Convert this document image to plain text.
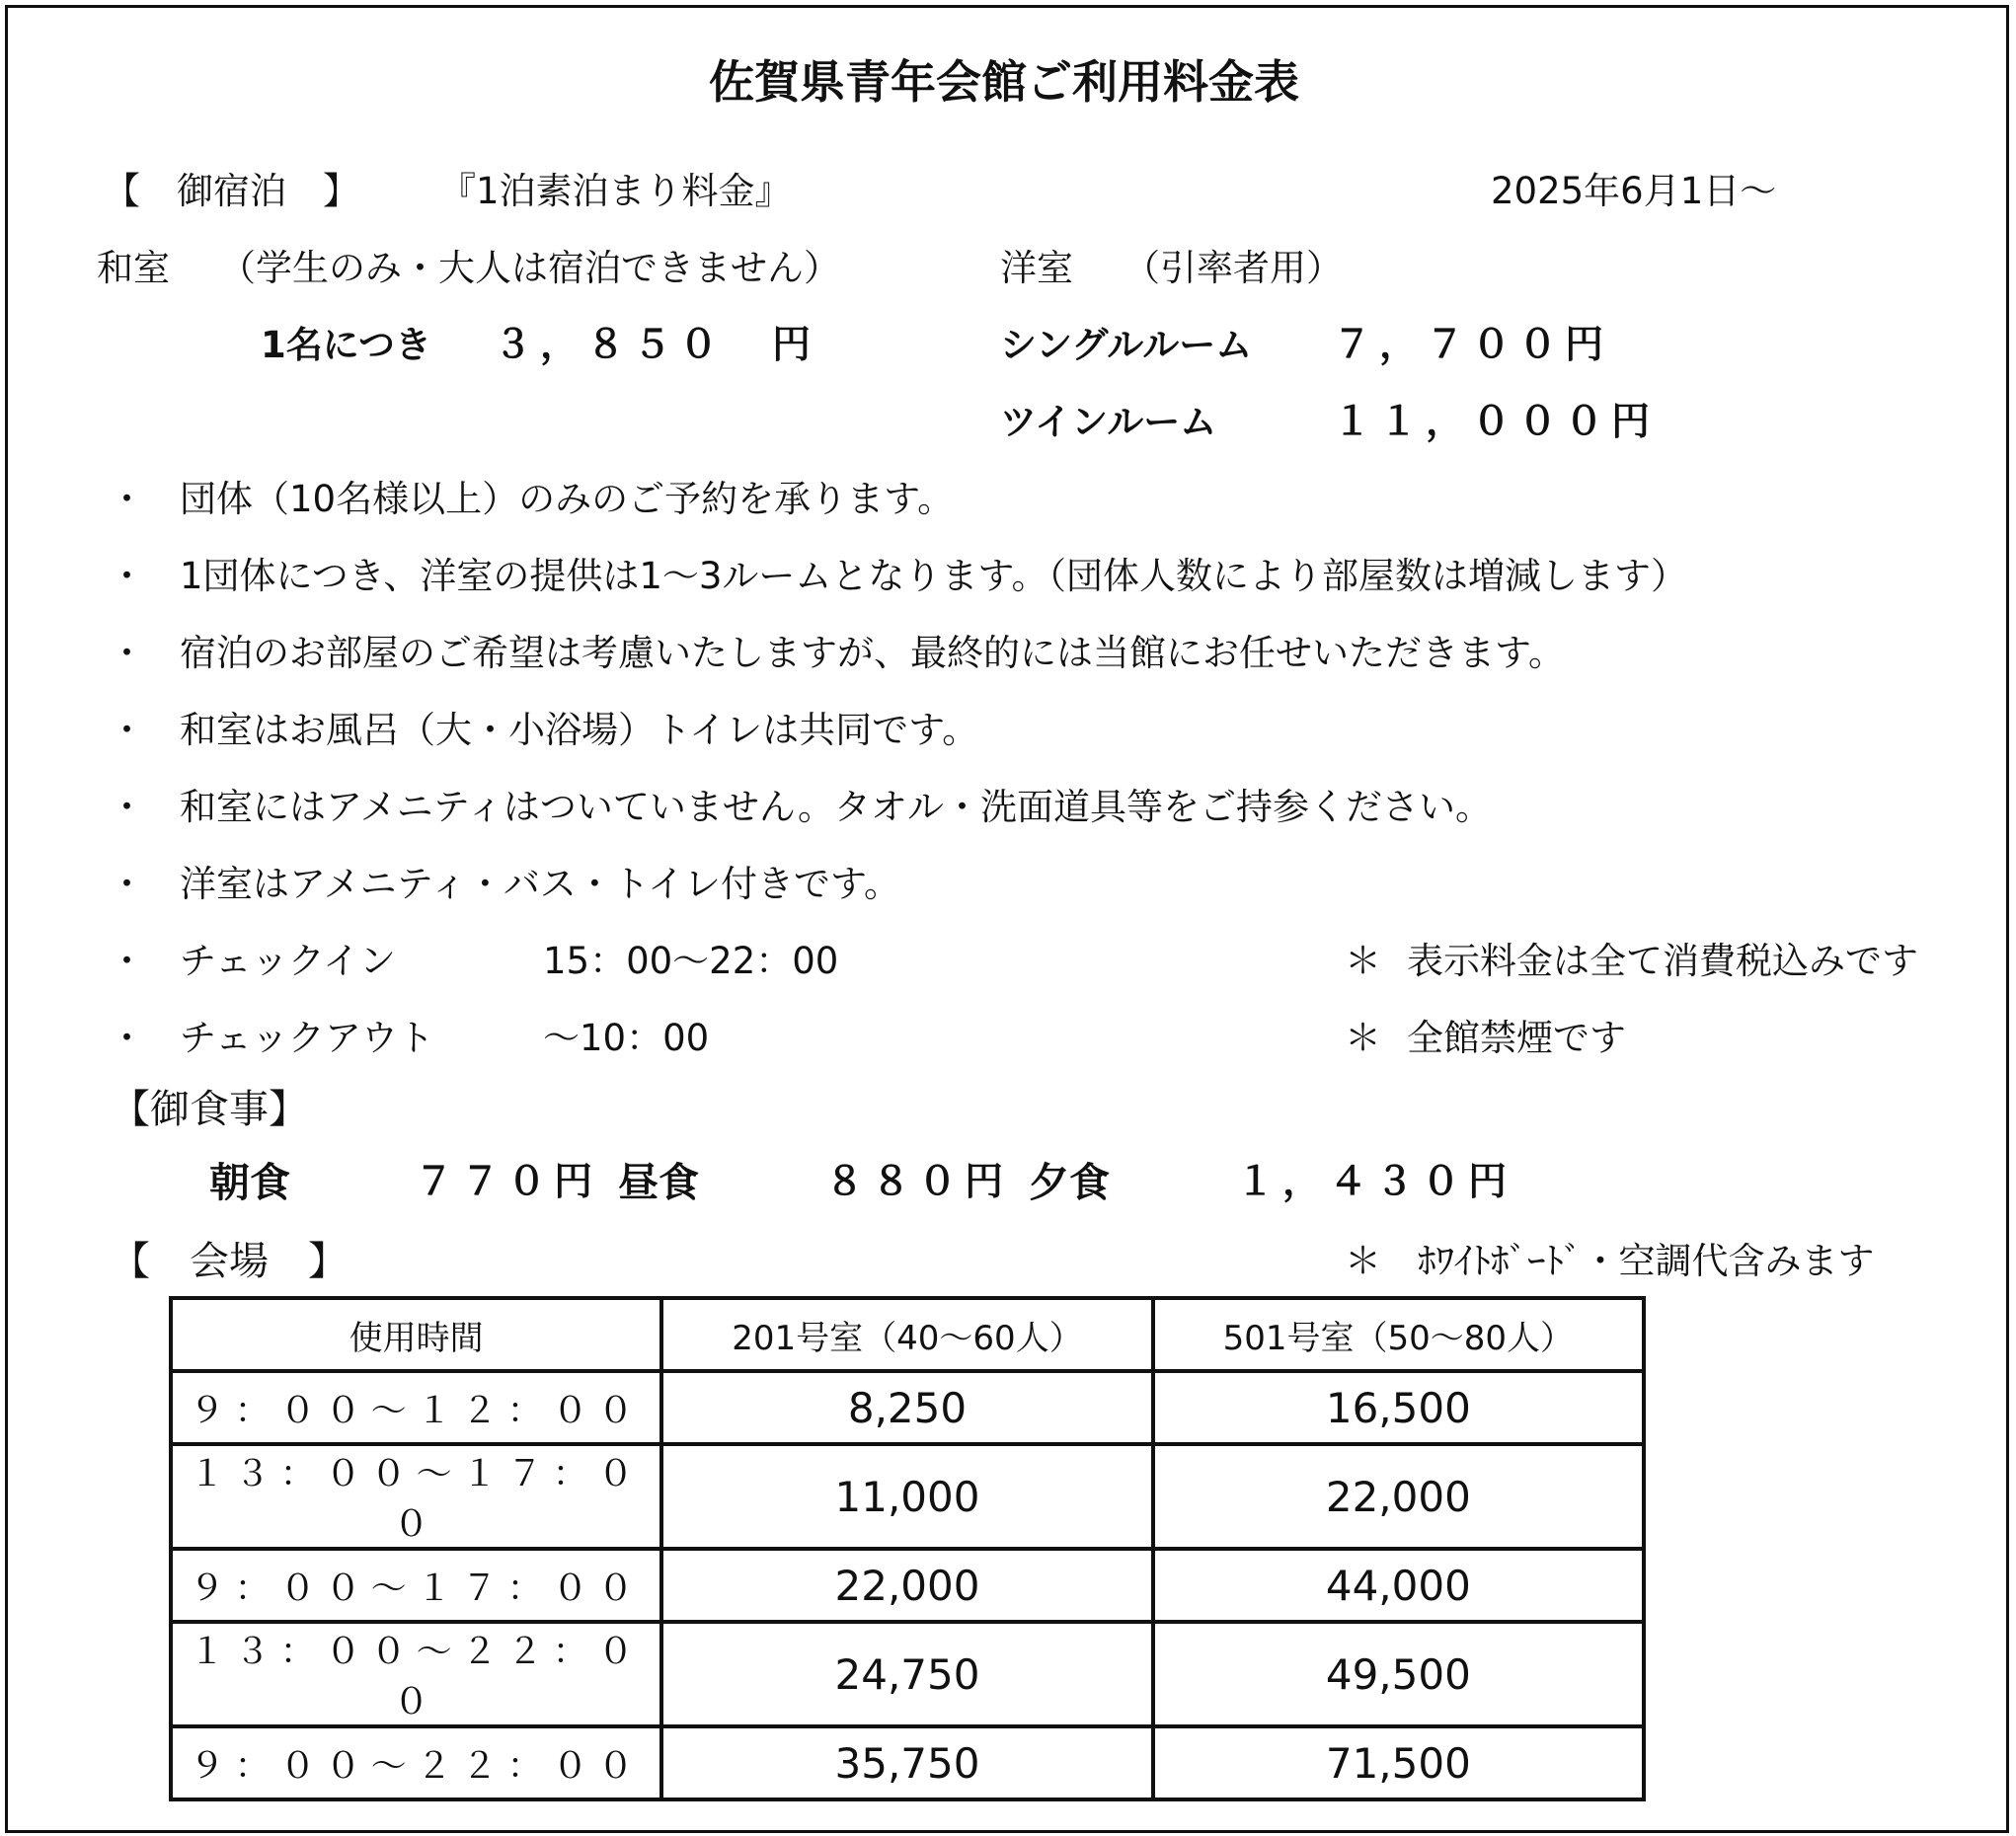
佐賀県青年会館ご利用料金表
【　御宿泊　】 『1泊素泊まり料金』	2025年6月1日～
和室 （学生のみ・大人は宿泊できません）	洋室 （引率者用）
1名につき ３，８５０　円	シングルルーム ７，７００円
ツインルーム	１１，０００円
・ 団体（10名様以上）のみのご予約を承ります。
・ 1団体につき、洋室の提供は1～3ルームとなります。（団体人数により部屋数は増減します）
・ 宿泊のお部屋のご希望は考慮いたしますが、最終的には当館にお任せいただきます。
・ 和室はお風呂（大・小浴場）トイレは共同です。
・ 和室にはアメニティはついていません。タオル・洗面道具等をご持参ください。
・ 洋室はアメニティ・バス・トイレ付きです。
・ チェックイン	15：00～22：00	＊ 表示料金は全て消費税込みです
・ チェックアウト	～10：00	＊ 全館禁煙です
【御食事】
朝食	７７０円 昼食	８８０円 夕食	１，４３０円
【　会場　】	＊　ﾎﾜｲﾄﾎﾞｰﾄﾞ・空調代含みます
使用時間	201号室（40～60人）	501号室（50～80人）
９：００～１２：００	8,250	16,500
１３：００～１７：００	11,000	22,000
９：００～１７：００	22,000	44,000
１３：００～２２：００	24,750	49,500
９：００～２２：００	35,750	71,500
